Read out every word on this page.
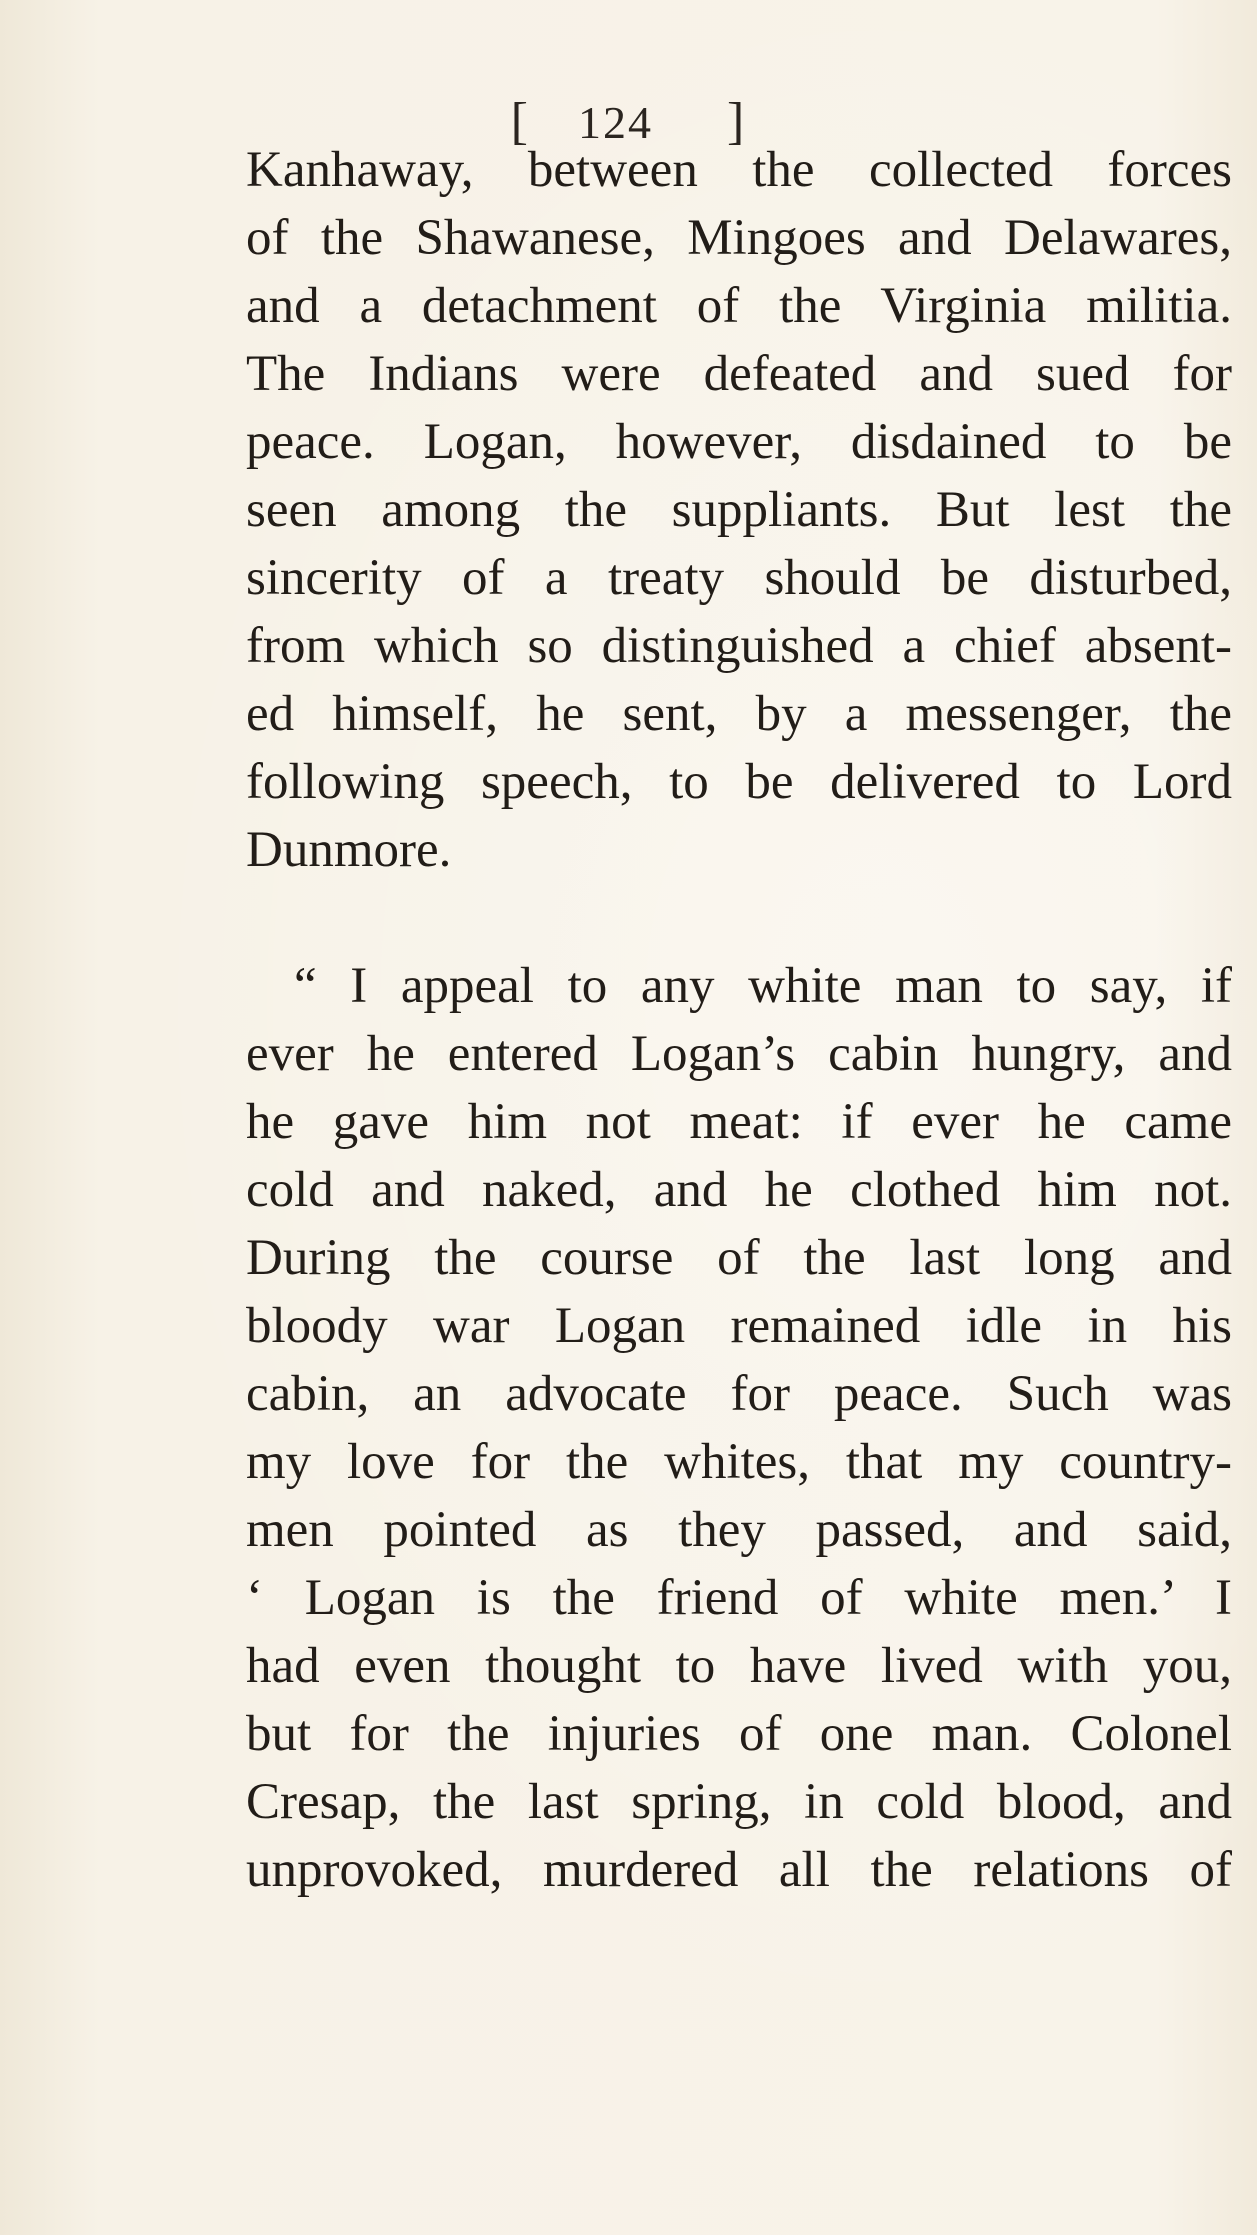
[ 124 ]
Kanhaway, between the collected forces
of the Shawanese, Mingoes and Delawares,
and a detachment of the Virginia militia.
The Indians were defeated and sued for
peace. Logan, however, disdained to be
seen among the suppliants. But lest the
sincerity of a treaty should be disturbed,
from which so distinguished a chief absent-
ed himself, he sent, by a messenger, the
following speech, to be delivered to Lord
Dunmore.
“ I appeal to any white man to say, if
ever he entered Logan’s cabin hungry, and
he gave him not meat: if ever he came
cold and naked, and he clothed him not.
During the course of the last long and
bloody war Logan remained idle in his
cabin, an advocate for peace. Such was
my love for the whites, that my country-
men pointed as they passed, and said,
‘ Logan is the friend of white men.’ I
had even thought to have lived with you,
but for the injuries of one man. Colonel
Cresap, the last spring, in cold blood, and
unprovoked, murdered all the relations of
